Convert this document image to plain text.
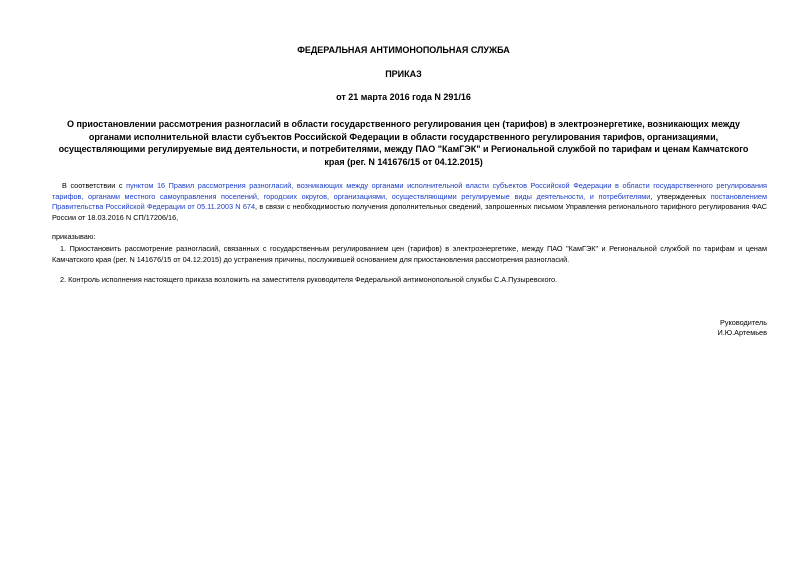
ФЕДЕРАЛЬНАЯ АНТИМОНОПОЛЬНАЯ СЛУЖБА
ПРИКАЗ
от 21 марта 2016 года N 291/16
О приостановлении рассмотрения разногласий в области государственного регулирования цен (тарифов) в электроэнергетике, возникающих между органами исполнительной власти субъектов Российской Федерации в области государственного регулирования тарифов, организациями, осуществляющими регулируемые вид деятельности, и потребителями, между ПАО "КамГЭК" и Региональной службой по тарифам и ценам Камчатского края (рег. N 141676/15 от 04.12.2015)
В соответствии с пунктом 16 Правил рассмотрения разногласий, возникающих между органами исполнительной власти субъектов Российской Федерации в области государственного регулирования тарифов, органами местного самоуправления поселений, городских округов, организациями, осуществляющими регулируемые виды деятельности, и потребителями, утвержденных постановлением Правительства Российской Федерации от 05.11.2003 N 674, в связи с необходимостью получения дополнительных сведений, запрошенных письмом Управления регионального тарифного регулирования ФАС России от 18.03.2016 N СП/17206/16,
приказываю:
1. Приостановить рассмотрение разногласий, связанных с государственным регулированием цен (тарифов) в электроэнергетике, между ПАО "КамГЭК" и Региональной службой по тарифам и ценам Камчатского края (рег. N 141676/15 от 04.12.2015) до устранения причины, послужившей основанием для приостановления рассмотрения разногласий.
2. Контроль исполнения настоящего приказа возложить на заместителя руководителя Федеральной антимонопольной службы С.А.Пузыревского.
Руководитель
И.Ю.Артемьев
